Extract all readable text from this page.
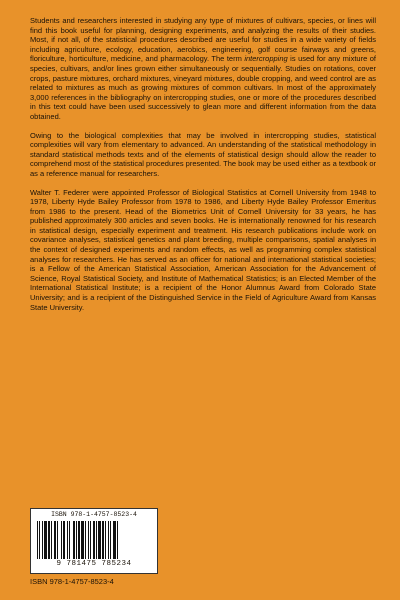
Students and researchers interested in studying any type of mixtures of cultivars, species, or lines will find this book useful for planning, designing experiments, and analyzing the results of their studies. Most, if not all, of the statistical procedures described are useful for studies in a wide variety of fields including agriculture, ecology, education, aerobics, engineering, golf course fairways and greens, floriculture, horticulture, medicine, and pharmacology. The term intercropping is used for any mixture of species, cultivars, and/or lines grown either simultaneously or sequentially. Studies on rotations, cover crops, pasture mixtures, orchard mixtures, vineyard mixtures, double cropping, and weed control are as related to mixtures as much as growing mixtures of common cultivars. In most of the approximately 3,000 references in the bibliography on intercropping studies, one or more of the procedures described in this text could have been used successively to glean more and different information from the data obtained.

Owing to the biological complexities that may be involved in intercropping studies, statistical complexities will vary from elementary to advanced. An understanding of the statistical methodology in standard statistical methods texts and of the elements of statistical design should allow the reader to comprehend most of the statistical procedures presented. The book may be used either as a textbook or as a reference manual for researchers.

Walter T. Federer were appointed Professor of Biological Statistics at Cornell University from 1948 to 1978, Liberty Hyde Bailey Professor from 1978 to 1986, and Liberty Hyde Bailey Professor Emeritus from 1986 to the present. Head of the Biometrics Unit of Cornell University for 33 years, he has published approximately 300 articles and seven books. He is internationally renowned for his research in statistical design, especially experiment and treatment. His research publications include work on covariance analyses, statistical genetics and plant breeding, multiple comparisons, spatial analyses in the context of designed experiments and random effects, as well as programming complex statistical analyses for researchers. He has served as an officer for national and international statistical societies; is a Fellow of the American Statistical Association, American Association for the Advancement of Science, Royal Statistical Society, and Institute of Mathematical Statistics; is an Elected Member of the International Statistical Institute; is a recipient of the Honor Alumnus Award from Colorado State University; and is a recipient of the Distinguished Service in the Field of Agriculture Award from Kansas State University.

ISBN 978-1-4757-8523-4
9 781475 785234
ISBN 978-1-4757-8523-4
